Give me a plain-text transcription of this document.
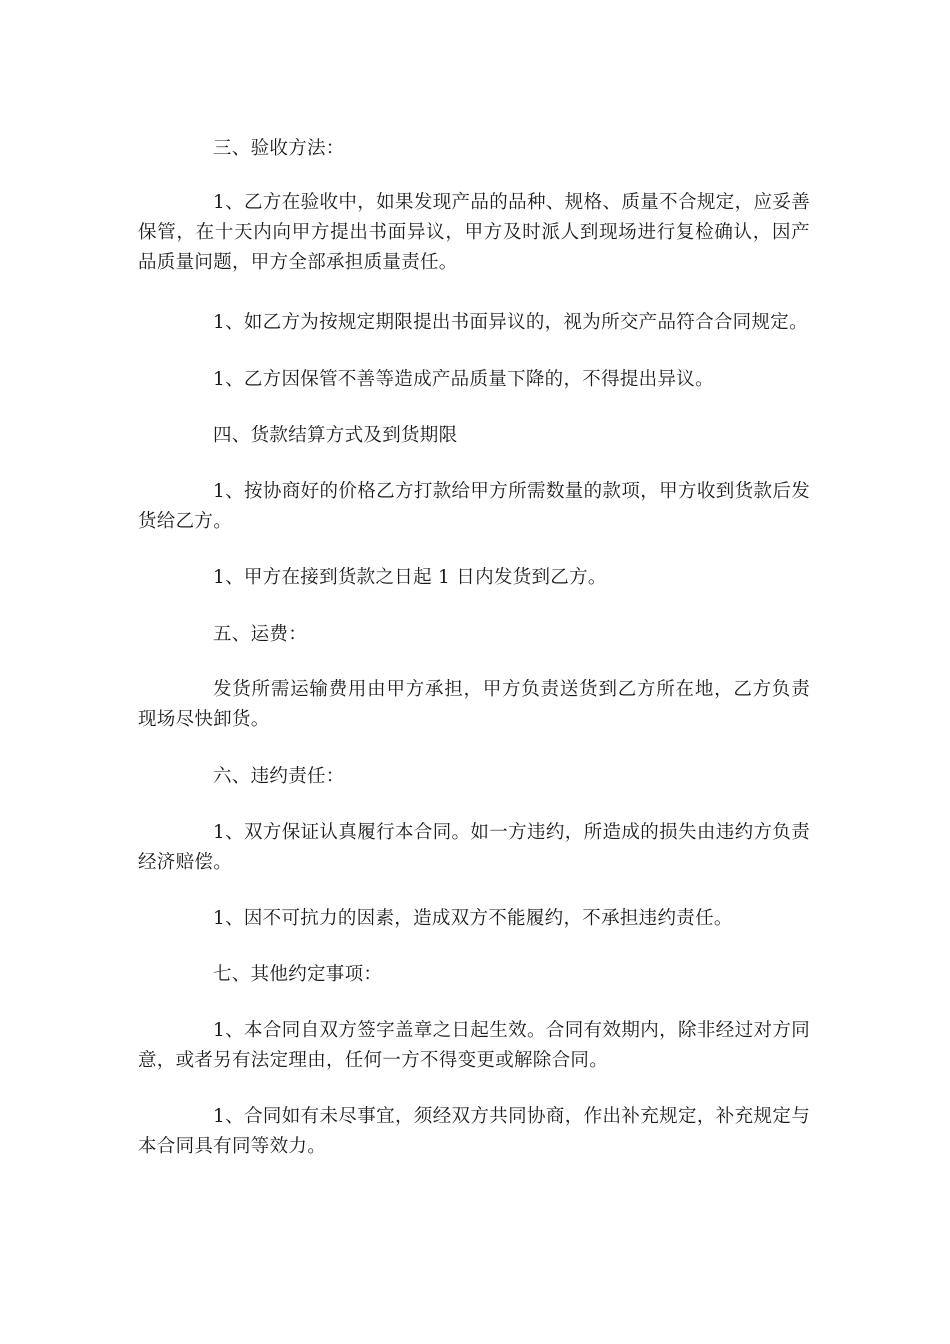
三、验收方法：

1、乙方在验收中，如果发现产品的品种、规格、质量不合规定，应妥善保管，在十天内向甲方提出书面异议，甲方及时派人到现场进行复检确认，因产品质量问题，甲方全部承担质量责任。

1、如乙方为按规定期限提出书面异议的，视为所交产品符合合同规定。

1、乙方因保管不善等造成产品质量下降的，不得提出异议。

四、货款结算方式及到货期限

1、按协商好的价格乙方打款给甲方所需数量的款项，甲方收到货款后发货给乙方。

1、甲方在接到货款之日起 1 日内发货到乙方。

五、运费：

发货所需运输费用由甲方承担，甲方负责送货到乙方所在地，乙方负责现场尽快卸货。

六、违约责任：

1、双方保证认真履行本合同。如一方违约，所造成的损失由违约方负责经济赔偿。

1、因不可抗力的因素，造成双方不能履约，不承担违约责任。

七、其他约定事项：

1、本合同自双方签字盖章之日起生效。合同有效期内，除非经过对方同意，或者另有法定理由，任何一方不得变更或解除合同。

1、合同如有未尽事宜，须经双方共同协商，作出补充规定，补充规定与本合同具有同等效力。
